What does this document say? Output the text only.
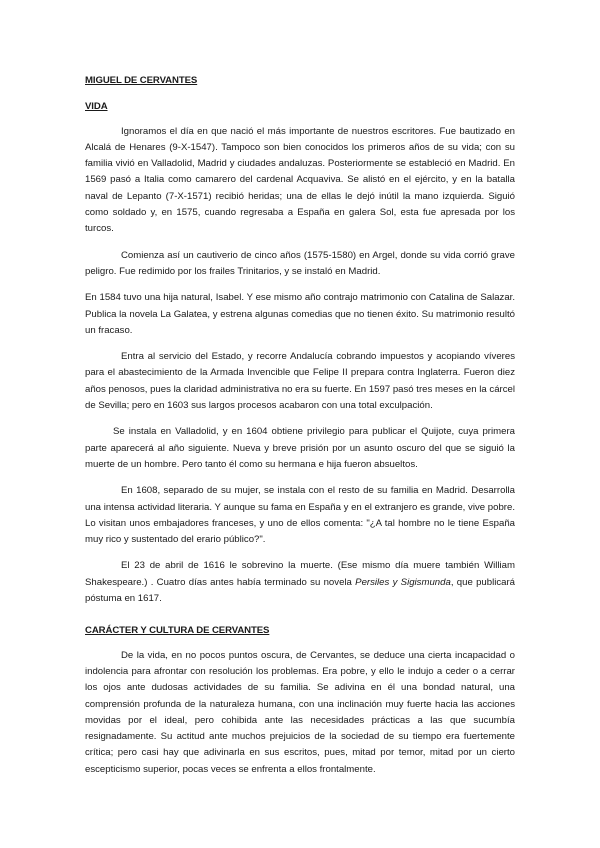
MIGUEL DE CERVANTES
VIDA

Ignoramos el día en que nació el más importante de nuestros escritores. Fue bautizado en Alcalá de Henares (9-X-1547). Tampoco son bien conocidos los primeros años de su vida; con su familia vivió en Valladolid, Madrid y ciudades andaluzas. Posteriormente se estableció en Madrid. En 1569 pasó a Italia como camarero del cardenal Acquaviva. Se alistó en el ejército, y en la batalla naval de Lepanto (7-X-1571) recibió heridas; una de ellas le dejó inútil la mano izquierda. Siguió como soldado y, en 1575, cuando regresaba a España en galera Sol, esta fue apresada por los turcos.

Comienza así un cautiverio de cinco años (1575-1580) en Argel, donde su vida corrió grave peligro. Fue redimido por los frailes Trinitarios, y se instaló en Madrid.

En 1584 tuvo una hija natural, Isabel. Y ese mismo año contrajo matrimonio con Catalina de Salazar. Publica la novela La Galatea, y estrena algunas comedias que no tienen éxito. Su matrimonio resultó un fracaso.

Entra al servicio del Estado, y recorre Andalucía cobrando impuestos y acopiando víveres para el abastecimiento de la Armada Invencible que Felipe II prepara contra Inglaterra. Fueron diez años penosos, pues la claridad administrativa no era su fuerte. En 1597 pasó tres meses en la cárcel de Sevilla; pero en 1603 sus largos procesos acabaron con una total exculpación.

Se instala en Valladolid, y en 1604 obtiene privilegio para publicar el Quijote, cuya primera parte aparecerá al año siguiente. Nueva y breve prisión por un asunto oscuro del que se siguió la muerte de un hombre. Pero tanto él como su hermana e hija fueron absueltos.

En 1608, separado de su mujer, se instala con el resto de su familia en Madrid. Desarrolla una intensa actividad literaria. Y aunque su fama en España y en el extranjero es grande, vive pobre. Lo visitan unos embajadores franceses, y uno de ellos comenta: "¿A tal hombre no le tiene España muy rico y sustentado del erario público?".

El 23 de abril de 1616 le sobrevino la muerte. (Ese mismo día muere también William Shakespeare.) . Cuatro días antes había terminado su novela Persiles y Sigismunda, que publicará póstuma en 1617.

CARÁCTER Y CULTURA DE CERVANTES

De la vida, en no pocos puntos oscura, de Cervantes, se deduce una cierta incapacidad o indolencia para afrontar con resolución los problemas. Era pobre, y ello le indujo a ceder o a cerrar los ojos ante dudosas actividades de su familia. Se adivina en él una bondad natural, una comprensión profunda de la naturaleza humana, con una inclinación muy fuerte hacia las acciones movidas por el ideal, pero cohibida ante las necesidades prácticas a las que sucumbía resignadamente. Su actitud ante muchos prejuicios de la sociedad de su tiempo era fuertemente crítica; pero casi hay que adivinarla en sus escritos, pues, mitad por temor, mitad por un cierto escepticismo superior, pocas veces se enfrenta a ellos frontalmente.
